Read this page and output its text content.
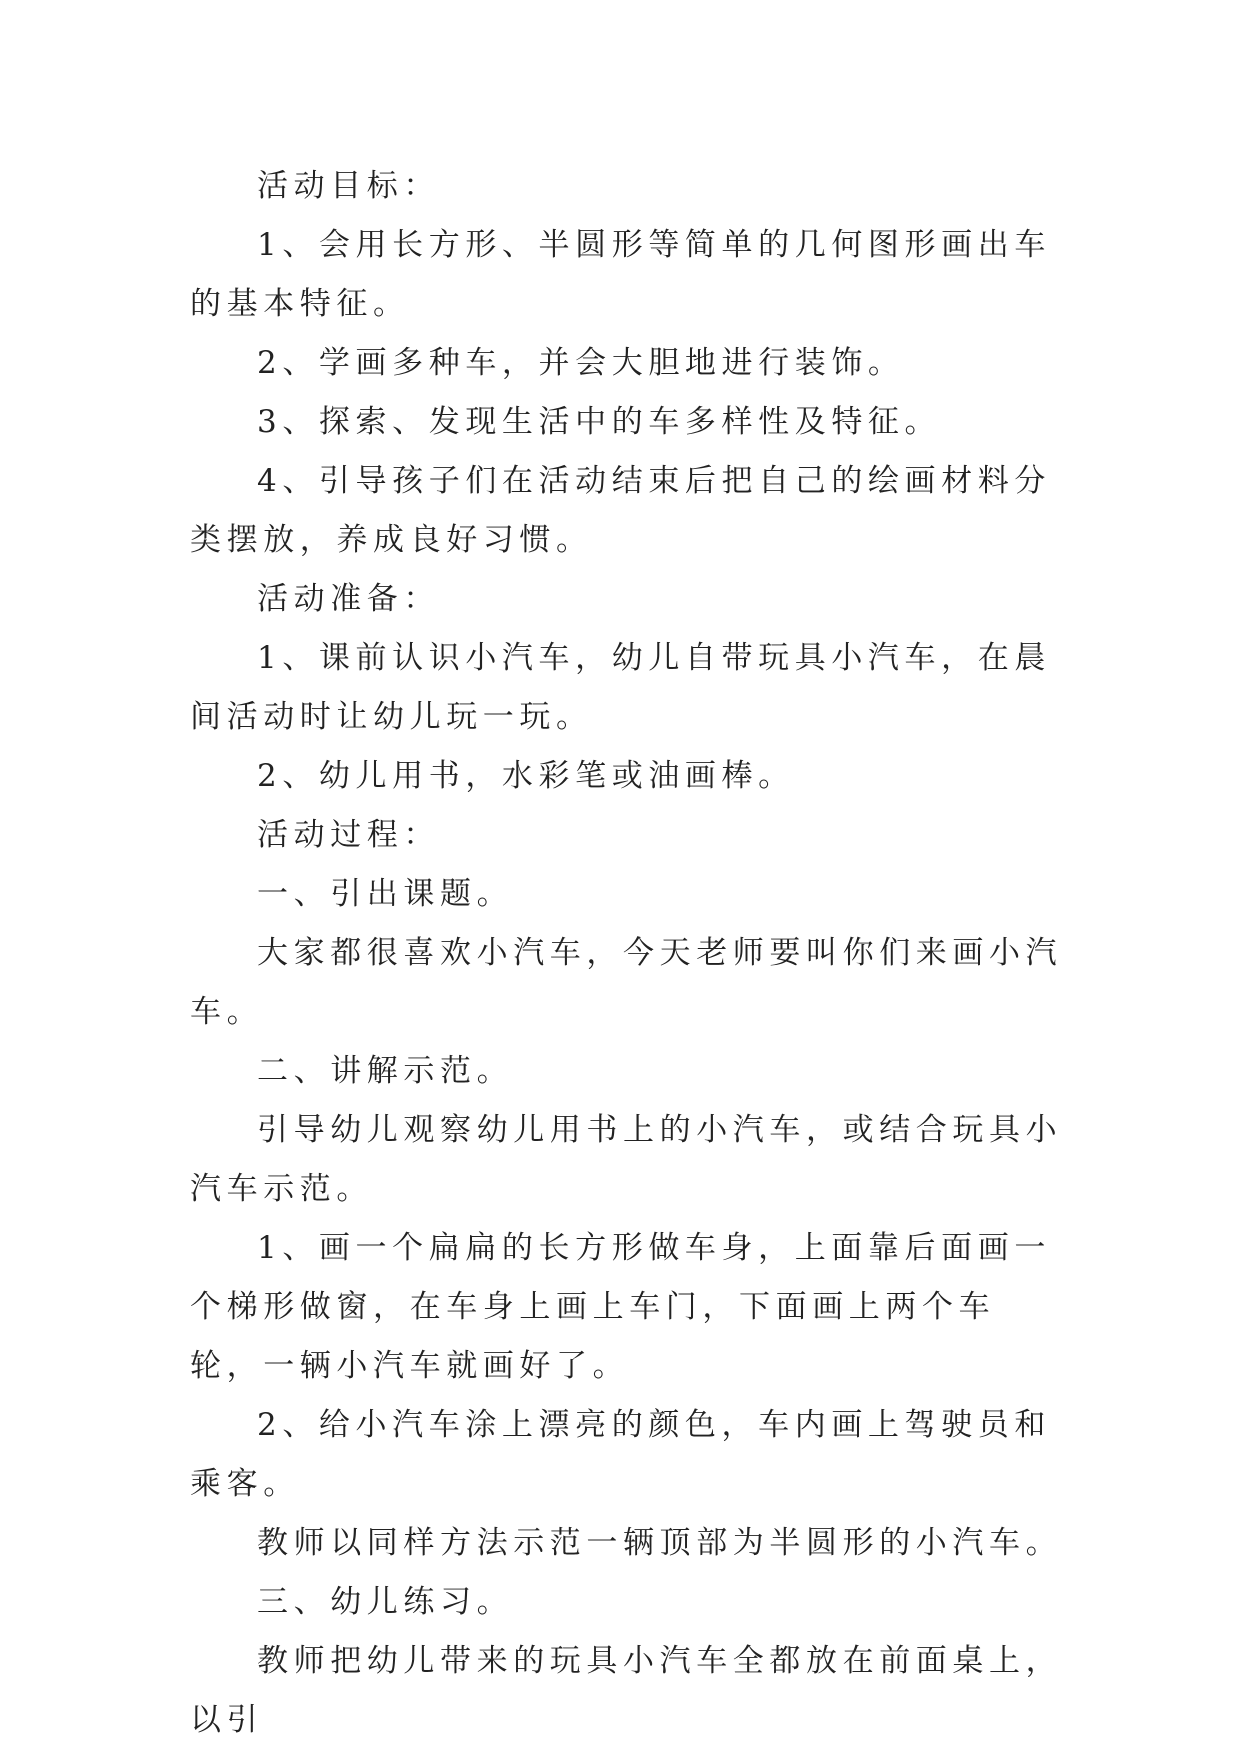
活动目标：

1、会用长方形、半圆形等简单的几何图形画出车的基本特征。

2、学画多种车，并会大胆地进行装饰。

3、探索、发现生活中的车多样性及特征。

4、引导孩子们在活动结束后把自己的绘画材料分类摆放，养成良好习惯。

活动准备：

1、课前认识小汽车，幼儿自带玩具小汽车，在晨间活动时让幼儿玩一玩。

2、幼儿用书，水彩笔或油画棒。

活动过程：

一、引出课题。

大家都很喜欢小汽车，今天老师要叫你们来画小汽车。

二、讲解示范。

引导幼儿观察幼儿用书上的小汽车，或结合玩具小汽车示范。

1、画一个扁扁的长方形做车身，上面靠后面画一个梯形做窗，在车身上画上车门，下面画上两个车轮，一辆小汽车就画好了。

2、给小汽车涂上漂亮的颜色，车内画上驾驶员和乘客。

教师以同样方法示范一辆顶部为半圆形的小汽车。

三、幼儿练习。

教师把幼儿带来的玩具小汽车全都放在前面桌上，以引
